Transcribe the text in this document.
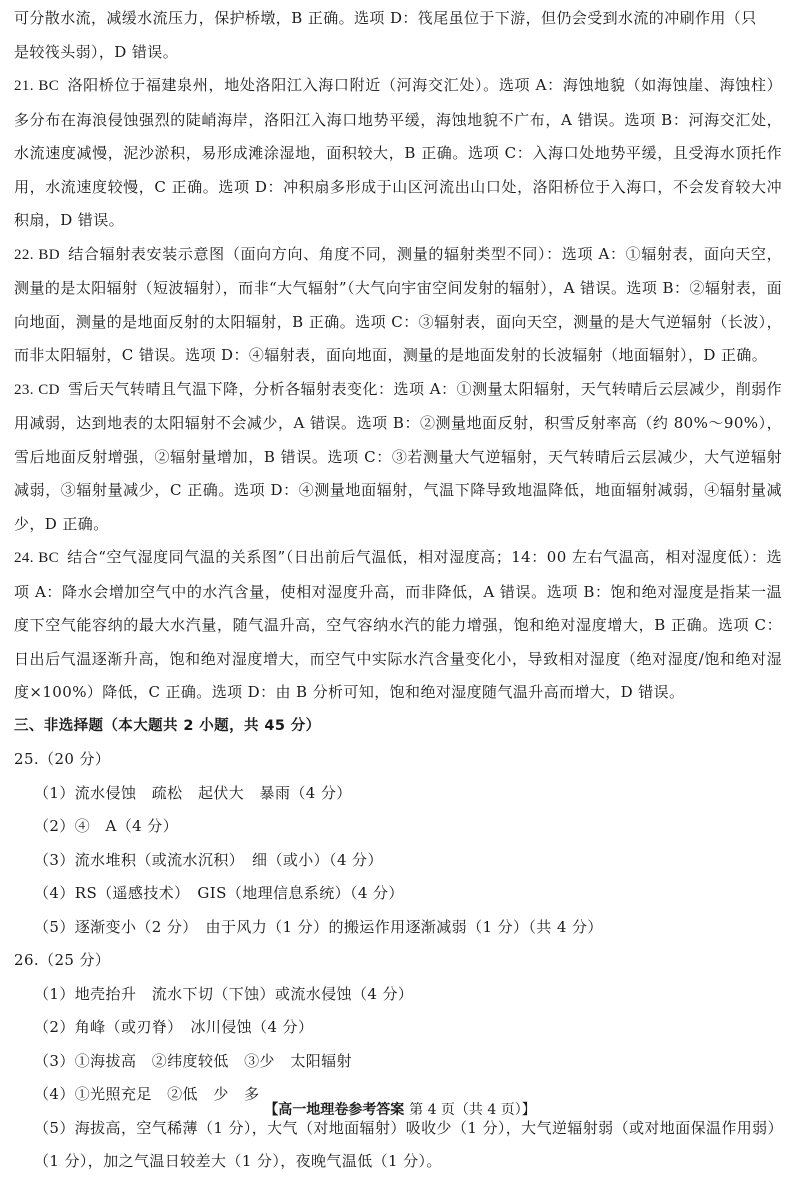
可分散水流，减缓水流压力，保护桥墩，B 正确。选项 D：筏尾虽位于下游，但仍会受到水流的冲刷作用（只
是较筏头弱），D 错误。

21. BC 洛阳桥位于福建泉州，地处洛阳江入海口附近（河海交汇处）。选项 A：海蚀地貌（如海蚀崖、海蚀柱）多分布在海浪侵蚀强烈的陡峭海岸，洛阳江入海口地势平缓，海蚀地貌不广布，A 错误。选项 B：河海交汇处，水流速度减慢，泥沙淤积，易形成滩涂湿地，面积较大，B 正确。选项 C：入海口处地势平缓，且受海水顶托作用，水流速度较慢，C 正确。选项 D：冲积扇多形成于山区河流出山口处，洛阳桥位于入海口，不会发育较大冲积扇，D 错误。

22. BD 结合辐射表安装示意图（面向方向、角度不同，测量的辐射类型不同）：选项 A：①辐射表，面向天空，测量的是太阳辐射（短波辐射），而非“大气辐射”（大气向宇宙空间发射的辐射），A 错误。选项 B：②辐射表，面向地面，测量的是地面反射的太阳辐射，B 正确。选项 C：③辐射表，面向天空，测量的是大气逆辐射（长波），而非太阳辐射，C 错误。选项 D：④辐射表，面向地面，测量的是地面发射的长波辐射（地面辐射），D 正确。

23. CD 雪后天气转晴且气温下降，分析各辐射表变化：选项 A：①测量太阳辐射，天气转晴后云层减少，削弱作用减弱，达到地表的太阳辐射不会减少，A 错误。选项 B：②测量地面反射，积雪反射率高（约 80%～90%），雪后地面反射增强，②辐射量增加，B 错误。选项 C：③若测量大气逆辐射，天气转晴后云层减少，大气逆辐射减弱，③辐射量减少，C 正确。选项 D：④测量地面辐射，气温下降导致地温降低，地面辐射减弱，④辐射量减少，D 正确。

24. BC 结合“空气湿度同气温的关系图”（日出前后气温低，相对湿度高；14：00 左右气温高，相对湿度低）：选项 A：降水会增加空气中的水汽含量，使相对湿度升高，而非降低，A 错误。选项 B：饱和绝对湿度是指某一温度下空气能容纳的最大水汽量，随气温升高，空气容纳水汽的能力增强，饱和绝对湿度增大，B 正确。选项 C：日出后气温逐渐升高，饱和绝对湿度增大，而空气中实际水汽含量变化小，导致相对湿度（绝对湿度/饱和绝对湿度×100%）降低，C 正确。选项 D：由 B 分析可知，饱和绝对湿度随气温升高而增大，D 错误。

三、非选择题（本大题共 2 小题，共 45 分）

25.（20 分）

（1）流水侵蚀　疏松　起伏大　暴雨（4 分）

（2）④　A（4 分）

（3）流水堆积（或流水沉积）　细（或小）（4 分）

（4）RS（遥感技术）　GIS（地理信息系统）（4 分）

（5）逐渐变小（2 分）　由于风力（1 分）的搬运作用逐渐减弱（1 分）（共 4 分）

26.（25 分）

（1）地壳抬升　流水下切（下蚀）或流水侵蚀（4 分）

（2）角峰（或刃脊）　冰川侵蚀（4 分）

（3）①海拔高　②纬度较低　③少　太阳辐射

（4）①光照充足　②低　少　多

（5）海拔高，空气稀薄（1 分），大气（对地面辐射）吸收少（1 分），大气逆辐射弱（或对地面保温作用弱）（1 分），加之气温日较差大（1 分），夜晚气温低（1 分）。

【高一地理卷参考答案 第 4 页（共 4 页）】
